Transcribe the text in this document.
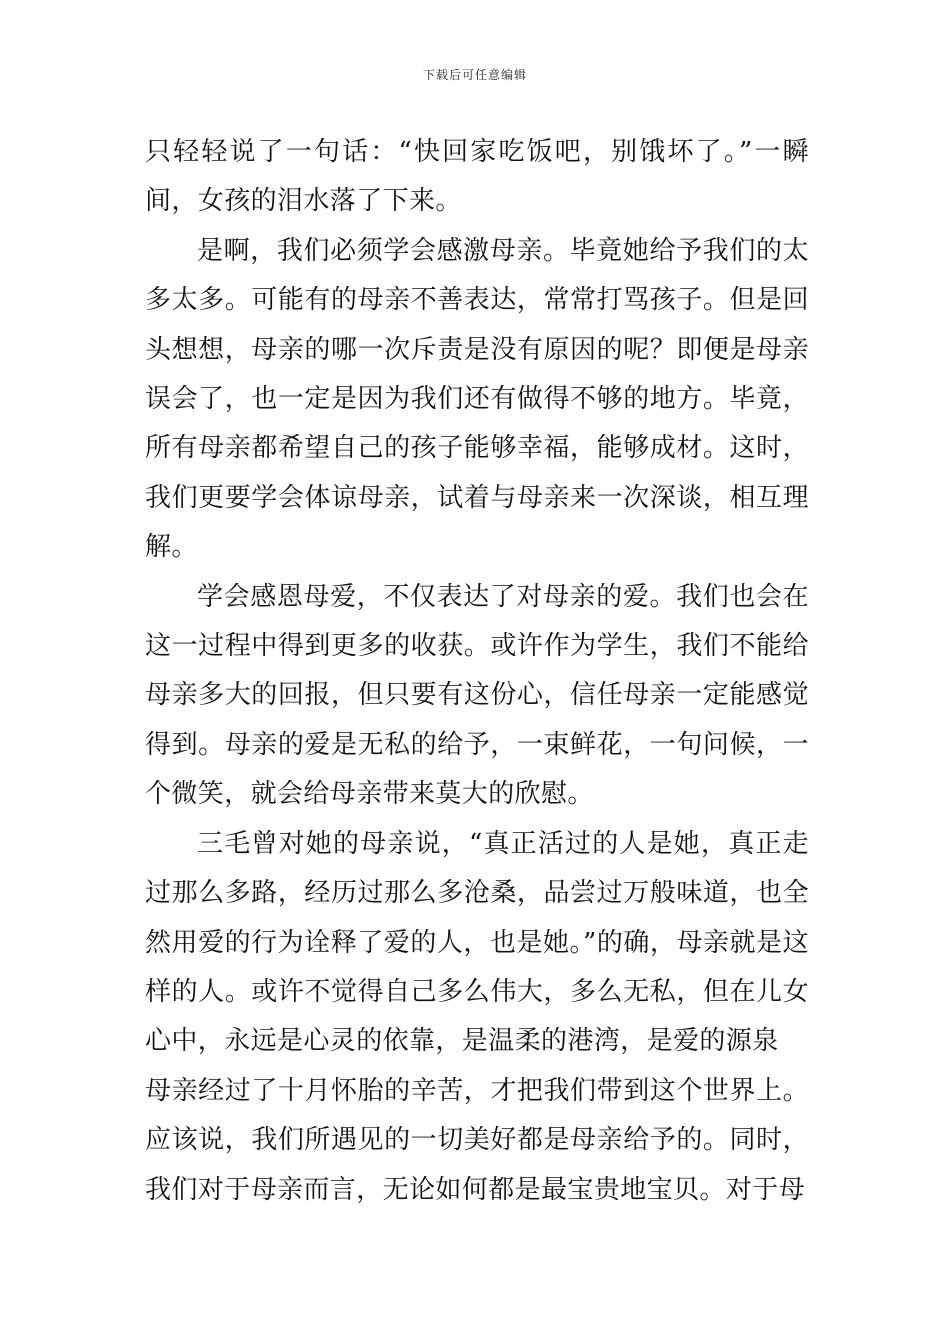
下载后可任意编辑

只轻轻说了一句话：“快回家吃饭吧，别饿坏了。”一瞬间，女孩的泪水落了下来。

是啊，我们必须学会感激母亲。毕竟她给予我们的太多太多。可能有的母亲不善表达，常常打骂孩子。但是回头想想，母亲的哪一次斥责是没有原因的呢？即便是母亲误会了，也一定是因为我们还有做得不够的地方。毕竟，所有母亲都希望自己的孩子能够幸福，能够成材。这时，我们更要学会体谅母亲，试着与母亲来一次深谈，相互理解。

学会感恩母爱，不仅表达了对母亲的爱。我们也会在这一过程中得到更多的收获。或许作为学生，我们不能给母亲多大的回报，但只要有这份心，信任母亲一定能感觉得到。母亲的爱是无私的给予，一束鲜花，一句问候，一个微笑，就会给母亲带来莫大的欣慰。

三毛曾对她的母亲说，“真正活过的人是她，真正走过那么多路，经历过那么多沧桑，品尝过万般味道，也全然用爱的行为诠释了爱的人，也是她。”的确，母亲就是这样的人。或许不觉得自己多么伟大，多么无私，但在儿女心中，永远是心灵的依靠，是温柔的港湾，是爱的源泉

母亲经过了十月怀胎的辛苦，才把我们带到这个世界上。应该说，我们所遇见的一切美好都是母亲给予的。同时，我们对于母亲而言，无论如何都是最宝贵地宝贝。对于母
